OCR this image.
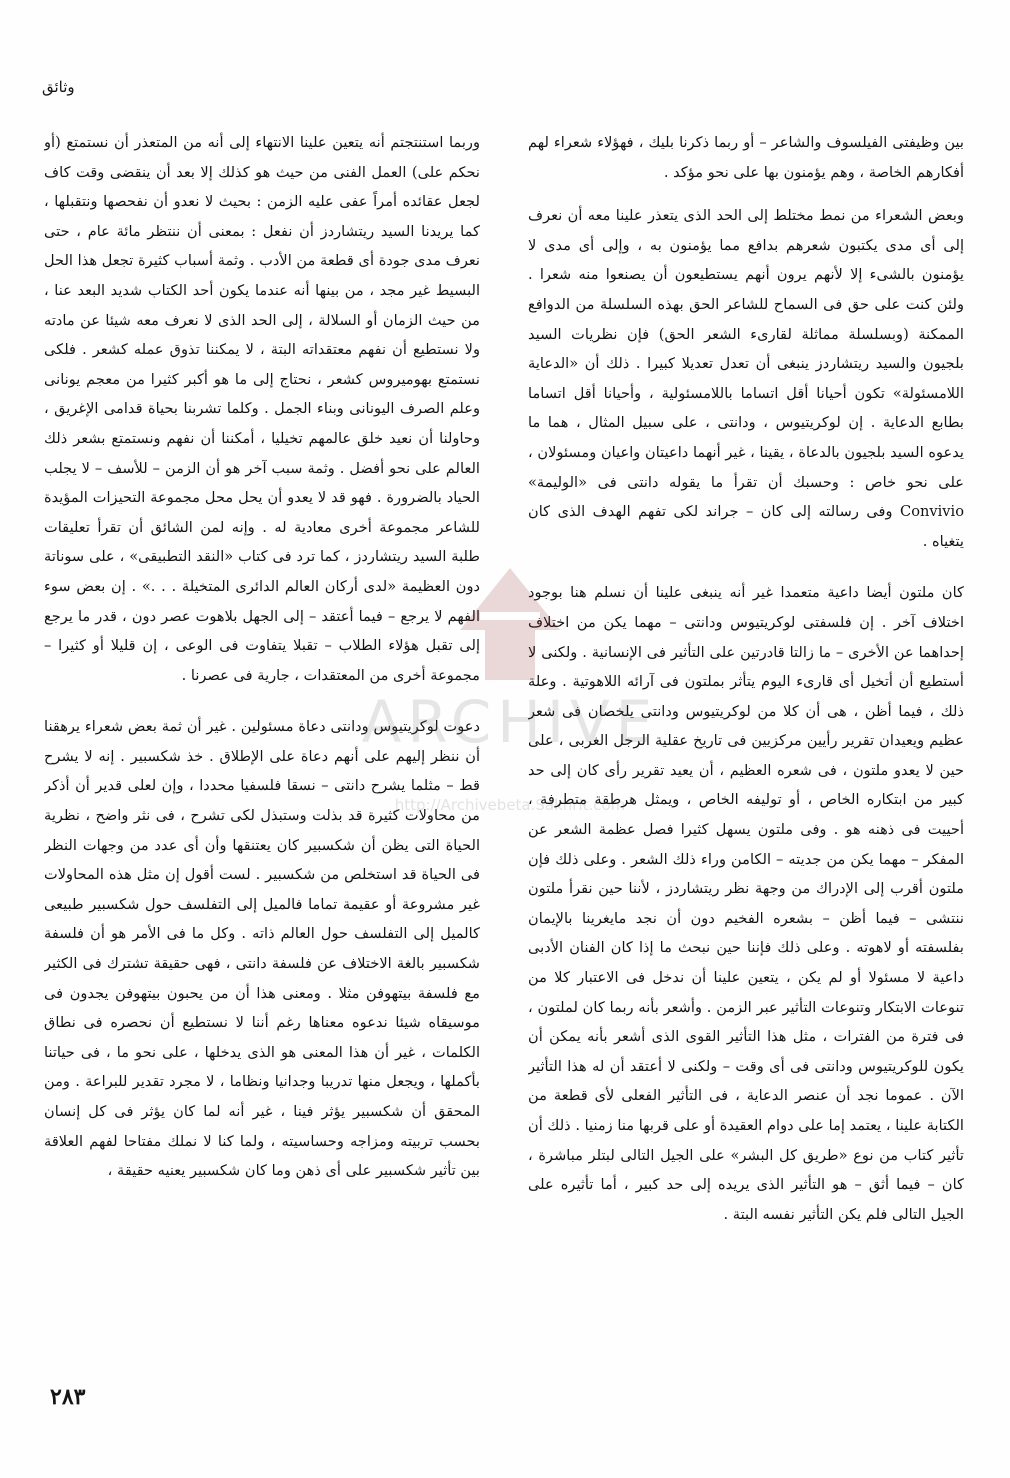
وثائق

بين وظيفتى الفيلسوف والشاعر – أو ربما ذكرنا بليك ، فهؤلاء شعراء لهم أفكارهم الخاصة ، وهم يؤمنون بها على نحو مؤكد .

وبعض الشعراء من نمط مختلط إلى الحد الذى يتعذر علينا معه أن نعرف إلى أى مدى يكتبون شعرهم بدافع مما يؤمنون به ، وإلى أى مدى لا يؤمنون بالشىء إلا لأنهم يرون أنهم يستطيعون أن يصنعوا منه شعرا . ولئن كنت على حق فى السماح للشاعر الحق بهذه السلسلة من الدوافع الممكنة (وبسلسلة مماثلة لقارىء الشعر الحق) فإن نظريات السيد بلجيون والسيد ريتشاردز ينبغى أن تعدل تعديلا كبيرا . ذلك أن «الدعاية اللامسئولة» تكون أحيانا أقل اتساما باللامسئولية ، وأحيانا أقل اتساما بطابع الدعاية . إن لوكريتيوس ، ودانتى ، على سبيل المثال ، هما ما يدعوه السيد بلجيون بالدعاة ، يقينا ، غير أنهما داعيتان واعيان ومسئولان ، على نحو خاص : وحسبك أن تقرأ ما يقوله دانتى فى «الوليمة» Convivio وفى رسالته إلى كان – جراند لكى تفهم الهدف الذى كان يتغياه .

كان ملتون أيضا داعية متعمدا غير أنه ينبغى علينا أن نسلم هنا بوجود اختلاف آخر . إن فلسفتى لوكريتيوس ودانتى – مهما يكن من اختلاف إحداهما عن الأخرى – ما زالتا قادرتين على التأثير فى الإنسانية . ولكنى لا أستطيع أن أتخيل أى قارىء اليوم يتأثر بملتون فى آرائه اللاهوتية . وعلة ذلك ، فيما أظن ، هى أن كلا من لوكريتيوس ودانتى يلخصان فى شعر عظيم ويعيدان تقرير رأيين مركزيين فى تاريخ عقلية الرجل الغربى ، على حين لا يعدو ملتون ، فى شعره العظيم ، أن يعيد تقرير رأى كان إلى حد كبير من ابتكاره الخاص ، أو توليفه الخاص ، ويمثل هرطقة متطرفة ، أحييت فى ذهنه هو . وفى ملتون يسهل كثيرا فصل عظمة الشعر عن المفكر – مهما يكن من جديته – الكامن وراء ذلك الشعر . وعلى ذلك فإن ملتون أقرب إلى الإدراك من وجهة نظر ريتشاردز ، لأننا حين نقرأ ملتون ننتشى – فيما أظن – بشعره الفخيم دون أن نجد مايغرينا بالإيمان بفلسفته أو لاهوته . وعلى ذلك فإننا حين نبحث ما إذا كان الفنان الأدبى داعية لا مسئولا أو لم يكن ، يتعين علينا أن ندخل فى الاعتبار كلا من تنوعات الابتكار وتنوعات التأثير عبر الزمن . وأشعر بأنه ربما كان لملتون ، فى فترة من الفترات ، مثل هذا التأثير القوى الذى أشعر بأنه يمكن أن يكون للوكريتيوس ودانتى فى أى وقت – ولكنى لا أعتقد أن له هذا التأثير الآن . عموما نجد أن عنصر الدعاية ، فى التأثير الفعلى لأى قطعة من الكتابة علينا ، يعتمد إما على دوام العقيدة أو على قربها منا زمنيا . ذلك أن تأثير كتاب من نوع «طريق كل البشر» على الجيل التالى لبتلر مباشرة ، كان – فيما أثق – هو التأثير الذى يريده إلى حد كبير ، أما تأثيره على الجيل التالى فلم يكن التأثير نفسه البتة .

وربما استنتجتم أنه يتعين علينا الانتهاء إلى أنه من المتعذر أن نستمتع (أو نحكم على) العمل الفنى من حيث هو كذلك إلا بعد أن ينقضى وقت كاف لجعل عقائده أمراً عفى عليه الزمن : بحيث لا نعدو أن نفحصها ونتقبلها ، كما يريدنا السيد ريتشاردز أن نفعل : بمعنى أن ننتظر مائة عام ، حتى نعرف مدى جودة أى قطعة من الأدب . وثمة أسباب كثيرة تجعل هذا الحل البسيط غير مجد ، من بينها أنه عندما يكون أحد الكتاب شديد البعد عنا ، من حيث الزمان أو السلالة ، إلى الحد الذى لا نعرف معه شيئا عن مادته ولا نستطيع أن نفهم معتقداته البتة ، لا يمكننا تذوق عمله كشعر . فلكى نستمتع بهوميروس كشعر ، نحتاج إلى ما هو أكبر كثيرا من معجم يونانى وعلم الصرف اليونانى وبناء الجمل . وكلما تشربنا بحياة قدامى الإغريق ، وحاولنا أن نعيد خلق عالمهم تخيليا ، أمكننا أن نفهم ونستمتع بشعر ذلك العالم على نحو أفضل . وثمة سبب آخر هو أن الزمن – للأسف – لا يجلب الحياد بالضرورة . فهو قد لا يعدو أن يحل محل مجموعة التحيزات المؤيدة للشاعر مجموعة أخرى معادية له . وإنه لمن الشائق أن تقرأ تعليقات طلبة السيد ريتشاردز ، كما ترد فى كتاب «النقد التطبيقى» ، على سوناتة دون العظيمة «لدى أركان العالم الدائرى المتخيلة . . .» . إن بعض سوء الفهم لا يرجع – فيما أعتقد – إلى الجهل بلاهوت عصر دون ، قدر ما يرجع إلى تقبل هؤلاء الطلاب – تقبلا يتفاوت فى الوعى ، إن قليلا أو كثيرا – مجموعة أخرى من المعتقدات ، جارية فى عصرنا .

دعوت لوكريتيوس ودانتى دعاة مسئولين . غير أن ثمة بعض شعراء يرهقنا أن ننظر إليهم على أنهم دعاة على الإطلاق . خذ شكسبير . إنه لا يشرح قط – مثلما يشرح دانتى – نسقا فلسفيا محددا ، وإن لعلى قدير أن أذكر من محاولات كثيرة قد بذلت وستبذل لكى تشرح ، فى نثر واضح ، نظرية الحياة التى يظن أن شكسبير كان يعتنقها وأن أى عدد من وجهات النظر فى الحياة قد استخلص من شكسبير . لست أقول إن مثل هذه المحاولات غير مشروعة أو عقيمة تماما فالميل إلى التفلسف حول شكسبير طبيعى كالميل إلى التفلسف حول العالم ذاته . وكل ما فى الأمر هو أن فلسفة شكسبير بالغة الاختلاف عن فلسفة دانتى ، فهى حقيقة تشترك فى الكثير مع فلسفة بيتهوفن مثلا . ومعنى هذا أن من يحبون بيتهوفن يجدون فى موسيقاه شيئا ندعوه معناها رغم أننا لا نستطيع أن نحصره فى نطاق الكلمات ، غير أن هذا المعنى هو الذى يدخلها ، على نحو ما ، فى حياتنا بأكملها ، ويجعل منها تدريبا وجدانيا ونظاما ، لا مجرد تقدير للبراعة . ومن المحقق أن شكسبير يؤثر فينا ، غير أنه لما كان يؤثر فى كل إنسان بحسب تربيته ومزاجه وحساسيته ، ولما كنا لا نملك مفتاحا لفهم العلاقة بين تأثير شكسبير على أى ذهن وما كان شكسبير يعنيه حقيقة ،

ARCHIVE
http://Archivebeta.Sakhrit.com
٢٨٣
